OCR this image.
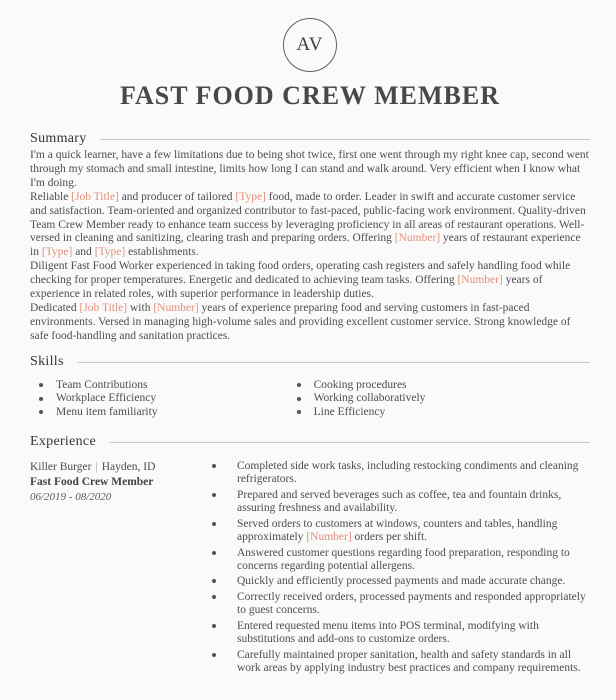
AV
FAST FOOD CREW MEMBER
Summary

I'm a quick learner, have a few limitations due to being shot twice, first one went through my right knee cap, second went through my stomach and small intestine, limits how long I can stand and walk around. Very efficient when I know what I'm doing.

Reliable [Job Title] and producer of tailored [Type] food, made to order. Leader in swift and accurate customer service and satisfaction. Team-oriented and organized contributor to fast-paced, public-facing work environment. Quality-driven Team Crew Member ready to enhance team success by leveraging proficiency in all areas of restaurant operations. Well-versed in cleaning and sanitizing, clearing trash and preparing orders. Offering [Number] years of restaurant experience in [Type] and [Type] establishments.

Diligent Fast Food Worker experienced in taking food orders, operating cash registers and safely handling food while checking for proper temperatures. Energetic and dedicated to achieving team tasks. Offering [Number] years of experience in related roles, with superior performance in leadership duties.

Dedicated [Job Title] with [Number] years of experience preparing food and serving customers in fast-paced environments. Versed in managing high-volume sales and providing excellent customer service. Strong knowledge of safe food-handling and sanitation practices.

Skills
Team Contributions
Workplace Efficiency
Menu item familiarity
Cooking procedures
Working collaboratively
Line Efficiency
Experience
Killer Burger | Hayden, ID
Fast Food Crew Member
06/2019 - 08/2020
Completed side work tasks, including restocking condiments and cleaning refrigerators.
Prepared and served beverages such as coffee, tea and fountain drinks, assuring freshness and availability.
Served orders to customers at windows, counters and tables, handling approximately [Number] orders per shift.
Answered customer questions regarding food preparation, responding to concerns regarding potential allergens.
Quickly and efficiently processed payments and made accurate change.
Correctly received orders, processed payments and responded appropriately to guest concerns.
Entered requested menu items into POS terminal, modifying with substitutions and add-ons to customize orders.
Carefully maintained proper sanitation, health and safety standards in all work areas by applying industry best practices and company requirements.
